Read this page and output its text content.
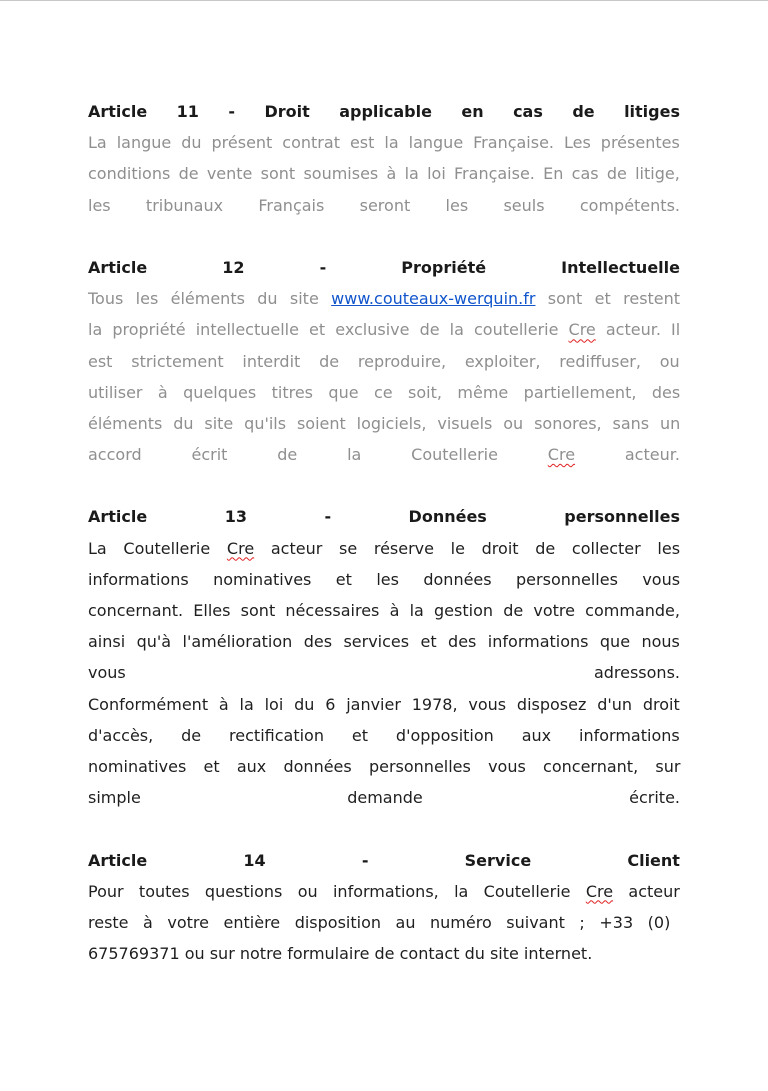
Article 11 - Droit applicable en cas de litiges
La langue du présent contrat est la langue Française. Les présentes
conditions de vente sont soumises à la loi Française. En cas de litige,
les tribunaux Français seront les seuls compétents.
Article	12	-	Propriété	Intellectuelle
Tous les éléments du site www.couteaux-werquin.fr sont et restent
la propriété intellectuelle et exclusive de la coutellerie Cre acteur. Il
est strictement interdit de reproduire, exploiter, rediffuser, ou
utiliser à quelques titres que ce soit, même partiellement, des
éléments du site qu'ils soient logiciels, visuels ou sonores, sans un
accord	écrit	de	la	Coutellerie	Cre	acteur.
Article	13	-	Données	personnelles
La Coutellerie Cre acteur se réserve le droit de collecter les
informations nominatives et les données personnelles vous
concernant. Elles sont nécessaires à la gestion de votre commande,
ainsi qu'à l'amélioration des services et des informations que nous
vous	adressons.
Conformément à la loi du 6 janvier 1978, vous disposez d'un droit
d'accès, de rectification et d'opposition aux informations
nominatives et aux données personnelles vous concernant, sur
simple	demande	écrite.
Article	14	-	Service	Client
Pour toutes questions ou informations, la Coutellerie Cre acteur
reste à votre entière disposition au numéro suivant ; +33 (0)
675769371 ou sur notre formulaire de contact du site internet.
